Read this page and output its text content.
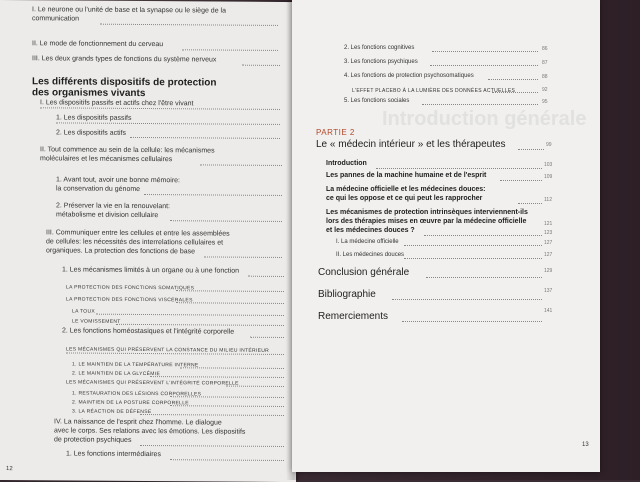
I. Le neurone ou l'unité de base et la synapse ou le siège de la
communication
II. Le mode de fonctionnement du cerveau
III. Les deux grands types de fonctions du système nerveux
Les différents dispositifs de protection
des organismes vivants
I. Les dispositifs passifs et actifs chez l'être vivant
1. Les dispositifs passifs
2. Les dispositifs actifs
II. Tout commence au sein de la cellule: les mécanismes
moléculaires et les mécanismes cellulaires
1. Avant tout, avoir une bonne mémoire:
la conservation du génome
2. Préserver la vie en la renouvelant:
métabolisme et division cellulaire
III. Communiquer entre les cellules et entre les assemblées
de cellules: les nécessités des interrelations cellulaires et
organiques. La protection des fonctions de base
1. Les mécanismes limités à un organe ou à une fonction
LA PROTECTION DES FONCTIONS SOMATIQUES
LA PROTECTION DES FONCTIONS VISCÉRALES
LA TOUX
LE VOMISSEMENT
2. Les fonctions homéostasiques et l'intégrité corporelle
LES MÉCANISMES QUI PRÉSERVENT LA CONSTANCE DU MILIEU INTÉRIEUR
1. LE MAINTIEN DE LA TEMPÉRATURE INTERNE
2. LE MAINTIEN DE LA GLYCÉMIE
LES MÉCANISMES QUI PRÉSERVENT L'INTÉGRITÉ CORPORELLE
1. RESTAURATION DES LÉSIONS CORPORELLES
2. MAINTIEN DE LA POSTURE CORPORELLE
3. LA RÉACTION DE DÉFENSE
IV. La naissance de l'esprit chez l'homme. Le dialogue
avec le corps. Ses relations avec les émotions. Les dispositifs
de protection psychiques
1. Les fonctions intermédiaires
12
2. Les fonctions cognitives	86
3. Les fonctions psychiques	87
4. Les fonctions de protection psychosomatiques	88
L'EFFET PLACEBO À LA LUMIÈRE DES DONNÉES ACTUELLES	92
5. Les fonctions sociales	95
Introduction générale
PARTIE 2
Le « médecin intérieur » et les thérapeutes	99
Introduction	103
Les pannes de la machine humaine et de l'esprit	109
La médecine officielle et les médecines douces:
ce qui les oppose et ce qui peut les rapprocher	112
Les mécanismes de protection intrinsèques interviennent-ils
lors des thérapies mises en œuvre par la médecine officielle	121
et les médecines douces ?	123
I. La médecine officielle	127
II. Les médecines douces	127
Conclusion générale	129
Bibliographie	137
Remerciements	141
13
